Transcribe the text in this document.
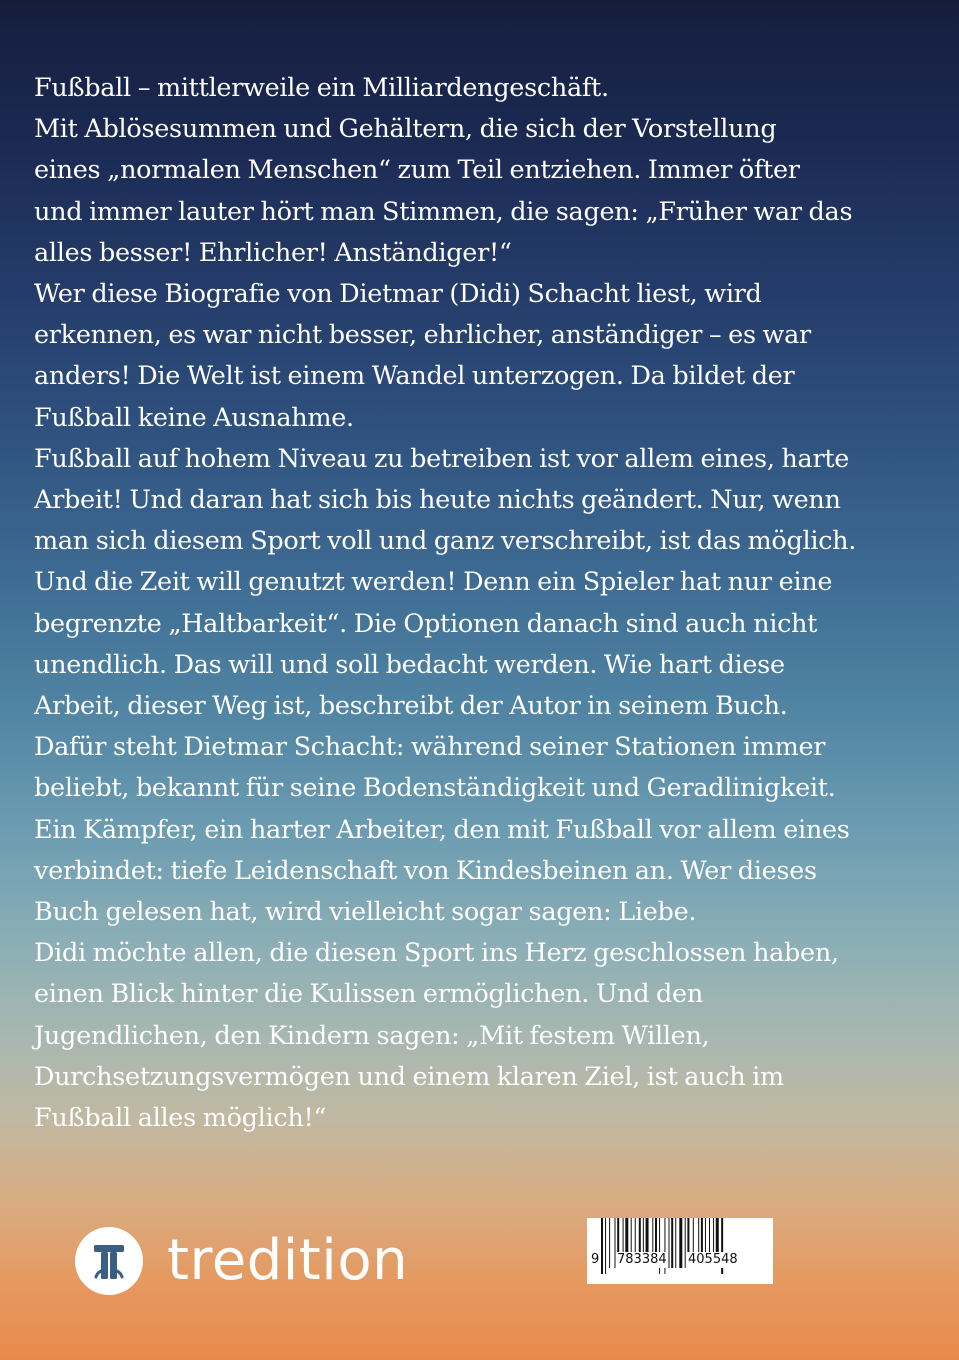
Fußball – mittlerweile ein Milliardengeschäft.
Mit Ablösesummen und Gehältern, die sich der Vorstellung
eines „normalen Menschen“ zum Teil entziehen. Immer öfter
und immer lauter hört man Stimmen, die sagen: „Früher war das
alles besser! Ehrlicher! Anständiger!“
Wer diese Biografie von Dietmar (Didi) Schacht liest, wird
erkennen, es war nicht besser, ehrlicher, anständiger – es war
anders! Die Welt ist einem Wandel unterzogen. Da bildet der
Fußball keine Ausnahme.
Fußball auf hohem Niveau zu betreiben ist vor allem eines, harte
Arbeit! Und daran hat sich bis heute nichts geändert. Nur, wenn
man sich diesem Sport voll und ganz verschreibt, ist das möglich.
Und die Zeit will genutzt werden! Denn ein Spieler hat nur eine
begrenzte „Haltbarkeit“. Die Optionen danach sind auch nicht
unendlich. Das will und soll bedacht werden. Wie hart diese
Arbeit, dieser Weg ist, beschreibt der Autor in seinem Buch.
Dafür steht Dietmar Schacht: während seiner Stationen immer
beliebt, bekannt für seine Bodenständigkeit und Geradlinigkeit.
Ein Kämpfer, ein harter Arbeiter, den mit Fußball vor allem eines
verbindet: tiefe Leidenschaft von Kindesbeinen an. Wer dieses
Buch gelesen hat, wird vielleicht sogar sagen: Liebe.
Didi möchte allen, die diesen Sport ins Herz geschlossen haben,
einen Blick hinter die Kulissen ermöglichen. Und den
Jugendlichen, den Kindern sagen: „Mit festem Willen,
Durchsetzungsvermögen und einem klaren Ziel, ist auch im
Fußball alles möglich!“
tredition	9 783384 405548
